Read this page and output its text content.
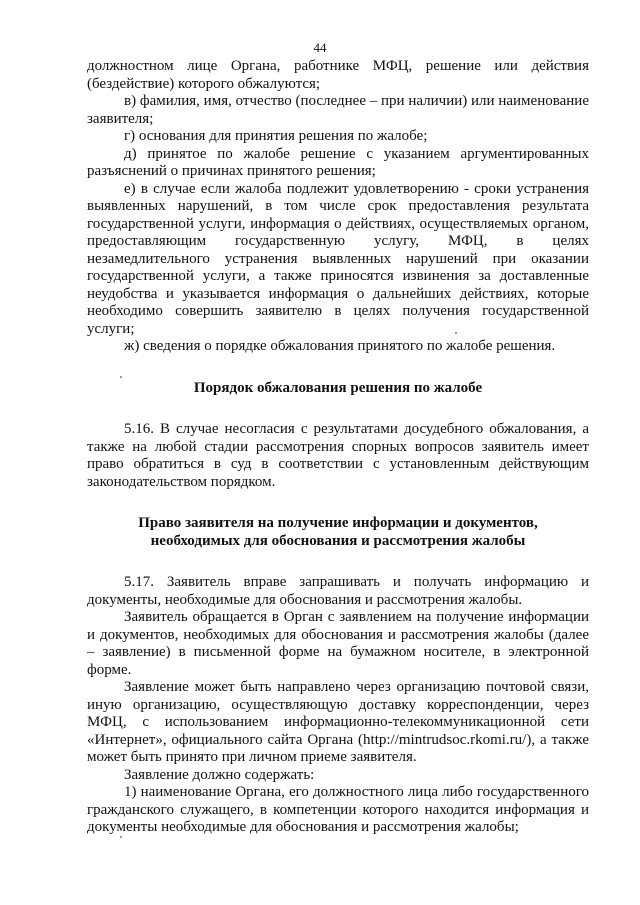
44

должностном лице Органа, работнике МФЦ, решение или действия (бездействие) которого обжалуются;

в) фамилия, имя, отчество (последнее – при наличии) или наименование заявителя;

г) основания для принятия решения по жалобе;

д) принятое по жалобе решение с указанием аргументированных разъяснений о причинах принятого решения;

е) в случае если жалоба подлежит удовлетворению - сроки устранения выявленных нарушений, в том числе срок предоставления результата государственной услуги, информация о действиях, осуществляемых органом, предоставляющим государственную услугу, МФЦ, в целях незамедлительного устранения выявленных нарушений при оказании государственной услуги, а также приносятся извинения за доставленные неудобства и указывается информация о дальнейших действиях, которые необходимо совершить заявителю в целях получения государственной услуги;

ж) сведения о порядке обжалования принятого по жалобе решения.

Порядок обжалования решения по жалобе

5.16. В случае несогласия с результатами досудебного обжалования, а также на любой стадии рассмотрения спорных вопросов заявитель имеет право обратиться в суд в соответствии с установленным действующим законодательством порядком.

Право заявителя на получение информации и документов,
необходимых для обоснования и рассмотрения жалобы

5.17. Заявитель вправе запрашивать и получать информацию и документы, необходимые для обоснования и рассмотрения жалобы.

Заявитель обращается в Орган с заявлением на получение информации и документов, необходимых для обоснования и рассмотрения жалобы (далее – заявление) в письменной форме на бумажном носителе, в электронной форме.

Заявление может быть направлено через организацию почтовой связи, иную организацию, осуществляющую доставку корреспонденции, через МФЦ, с использованием информационно-телекоммуникационной сети «Интернет», официального сайта Органа (http://mintrudsoc.rkomi.ru/), а также может быть принято при личном приеме заявителя.

Заявление должно содержать:

1) наименование Органа, его должностного лица либо государственного гражданского служащего, в компетенции которого находится информация и документы необходимые для обоснования и рассмотрения жалобы;
